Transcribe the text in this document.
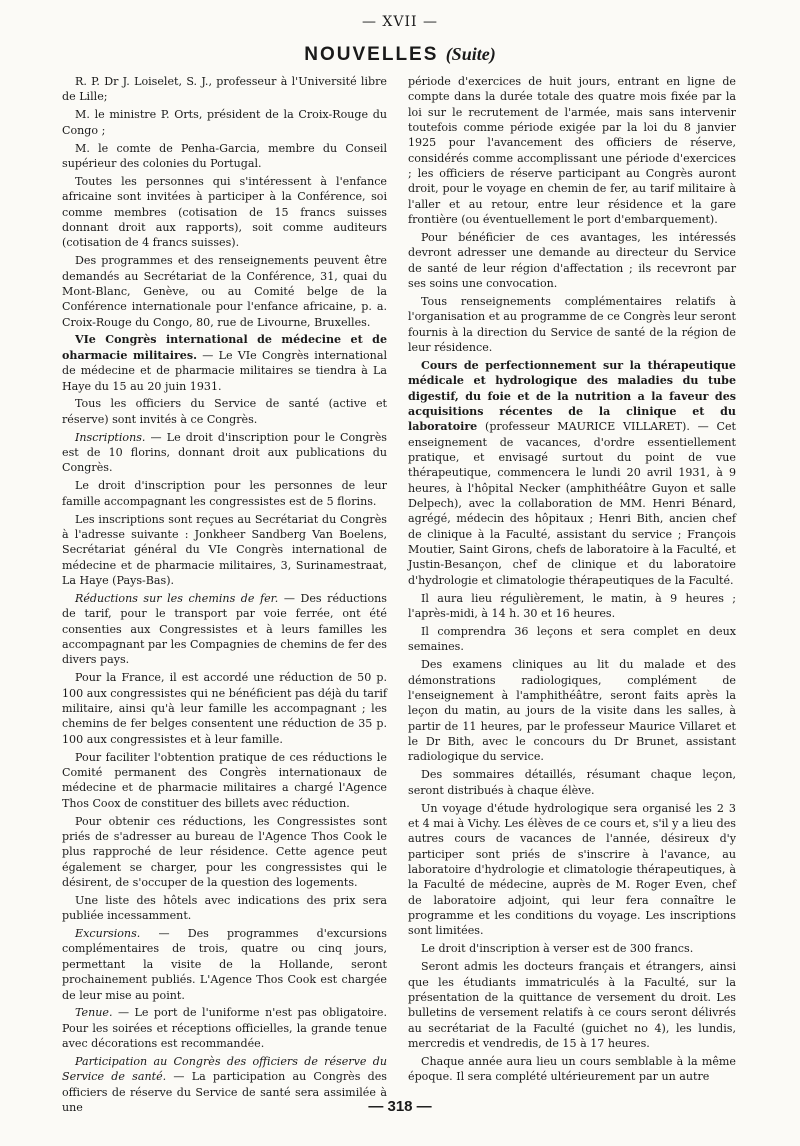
— XVII —
NOUVELLES (Suite)

R. P. Dr J. Loiselet, S. J., professeur à l'Université libre de Lille;

M. le ministre P. Orts, président de la Croix-Rouge du Congo ;

M. le comte de Penha-Garcia, membre du Conseil supérieur des colonies du Portugal.

Toutes les personnes qui s'intéressent à l'enfance africaine sont invitées à participer à la Conférence, soi comme membres (cotisation de 15 francs suisses donnant droit aux rapports), soit comme auditeurs (cotisation de 4 francs suisses).

Des programmes et des renseignements peuvent être demandés au Secrétariat de la Conférence, 31, quai du Mont-Blanc, Genève, ou au Comité belge de la Conférence internationale pour l'enfance africaine, p. a. Croix-Rouge du Congo, 80, rue de Livourne, Bruxelles.

VIe Congrès international de médecine et de oharmacie militaires. — Le VIe Congrès international de médecine et de pharmacie militaires se tiendra à La Haye du 15 au 20 juin 1931.

Tous les officiers du Service de santé (active et réserve) sont invités à ce Congrès.

Inscriptions. — Le droit d'inscription pour le Congrès est de 10 florins, donnant droit aux publications du Congrès.

Le droit d'inscription pour les personnes de leur famille accompagnant les congressistes est de 5 florins.

Les inscriptions sont reçues au Secrétariat du Congrès à l'adresse suivante : Jonkheer Sandberg Van Boelens, Secrétariat général du VIe Congrès international de médecine et de pharmacie militaires, 3, Surinamestraat, La Haye (Pays-Bas).

Réductions sur les chemins de fer. — Des réductions de tarif, pour le transport par voie ferrée, ont été consenties aux Congressistes et à leurs familles les accompagnant par les Compagnies de chemins de fer des divers pays.

Pour la France, il est accordé une réduction de 50 p. 100 aux congressistes qui ne bénéficient pas déjà du tarif militaire, ainsi qu'à leur famille les accompagnant ; les chemins de fer belges consentent une réduction de 35 p. 100 aux congressistes et à leur famille.

Pour faciliter l'obtention pratique de ces réductions le Comité permanent des Congrès internationaux de médecine et de pharmacie militaires a chargé l'Agence Thos Coox de constituer des billets avec réduction.

Pour obtenir ces réductions, les Congressistes sont priés de s'adresser au bureau de l'Agence Thos Cook le plus rapproché de leur résidence. Cette agence peut également se charger, pour les congressistes qui le désirent, de s'occuper de la question des logements.

Une liste des hôtels avec indications des prix sera publiée incessamment.

Excursions. — Des programmes d'excursions complémentaires de trois, quatre ou cinq jours, permettant la visite de la Hollande, seront prochainement publiés. L'Agence Thos Cook est chargée de leur mise au point.

Tenue. — Le port de l'uniforme n'est pas obligatoire. Pour les soirées et réceptions officielles, la grande tenue avec décorations est recommandée.

Participation au Congrès des officiers de réserve du Service de santé. — La participation au Congrès des officiers de réserve du Service de santé sera assimilée à une

période d'exercices de huit jours, entrant en ligne de compte dans la durée totale des quatre mois fixée par la loi sur le recrutement de l'armée, mais sans intervenir toutefois comme période exigée par la loi du 8 janvier 1925 pour l'avancement des officiers de réserve, considérés comme accomplissant une période d'exercices ; les officiers de réserve participant au Congrès auront droit, pour le voyage en chemin de fer, au tarif militaire à l'aller et au retour, entre leur résidence et la gare frontière (ou éventuellement le port d'embarquement).

Pour bénéficier de ces avantages, les intéressés devront adresser une demande au directeur du Service de santé de leur région d'affectation ; ils recevront par ses soins une convocation.

Tous renseignements complémentaires relatifs à l'organisation et au programme de ce Congrès leur seront fournis à la direction du Service de santé de la région de leur résidence.

Cours de perfectionnement sur la thérapeutique médicale et hydrologique des maladies du tube digestif, du foie et de la nutrition a la faveur des acquisitions récentes de la clinique et du laboratoire (professeur MAURICE VILLARET). — Cet enseignement de vacances, d'ordre essentiellement pratique, et envisagé surtout du point de vue thérapeutique, commencera le lundi 20 avril 1931, à 9 heures, à l'hôpital Necker (amphithéâtre Guyon et salle Delpech), avec la collaboration de MM. Henri Bénard, agrégé, médecin des hôpitaux ; Henri Bith, ancien chef de clinique à la Faculté, assistant du service ; François Moutier, Saint Girons, chefs de laboratoire à la Faculté, et Justin-Besançon, chef de clinique et du laboratoire d'hydrologie et climatologie thérapeutiques de la Faculté.

Il aura lieu régulièrement, le matin, à 9 heures ; l'après-midi, à 14 h. 30 et 16 heures.

Il comprendra 36 leçons et sera complet en deux semaines.

Des examens cliniques au lit du malade et des démonstrations radiologiques, complément de l'enseignement à l'amphithéâtre, seront faits après la leçon du matin, au jours de la visite dans les salles, à partir de 11 heures, par le professeur Maurice Villaret et le Dr Bith, avec le concours du Dr Brunet, assistant radiologique du service.

Des sommaires détaillés, résumant chaque leçon, seront distribués à chaque élève.

Un voyage d'étude hydrologique sera organisé les 2 3 et 4 mai à Vichy. Les élèves de ce cours et, s'il y a lieu des autres cours de vacances de l'année, désireux d'y participer sont priés de s'inscrire à l'avance, au laboratoire d'hydrologie et climatologie thérapeutiques, à la Faculté de médecine, auprès de M. Roger Even, chef de laboratoire adjoint, qui leur fera connaître le programme et les conditions du voyage. Les inscriptions sont limitées.

Le droit d'inscription à verser est de 300 francs.

Seront admis les docteurs français et étrangers, ainsi que les étudiants immatriculés à la Faculté, sur la présentation de la quittance de versement du droit. Les bulletins de versement relatifs à ce cours seront délivrés au secrétariat de la Faculté (guichet no 4), les lundis, mercredis et vendredis, de 15 à 17 heures.

Chaque année aura lieu un cours semblable à la même époque. Il sera complété ultérieurement par un autre

— 318 —
